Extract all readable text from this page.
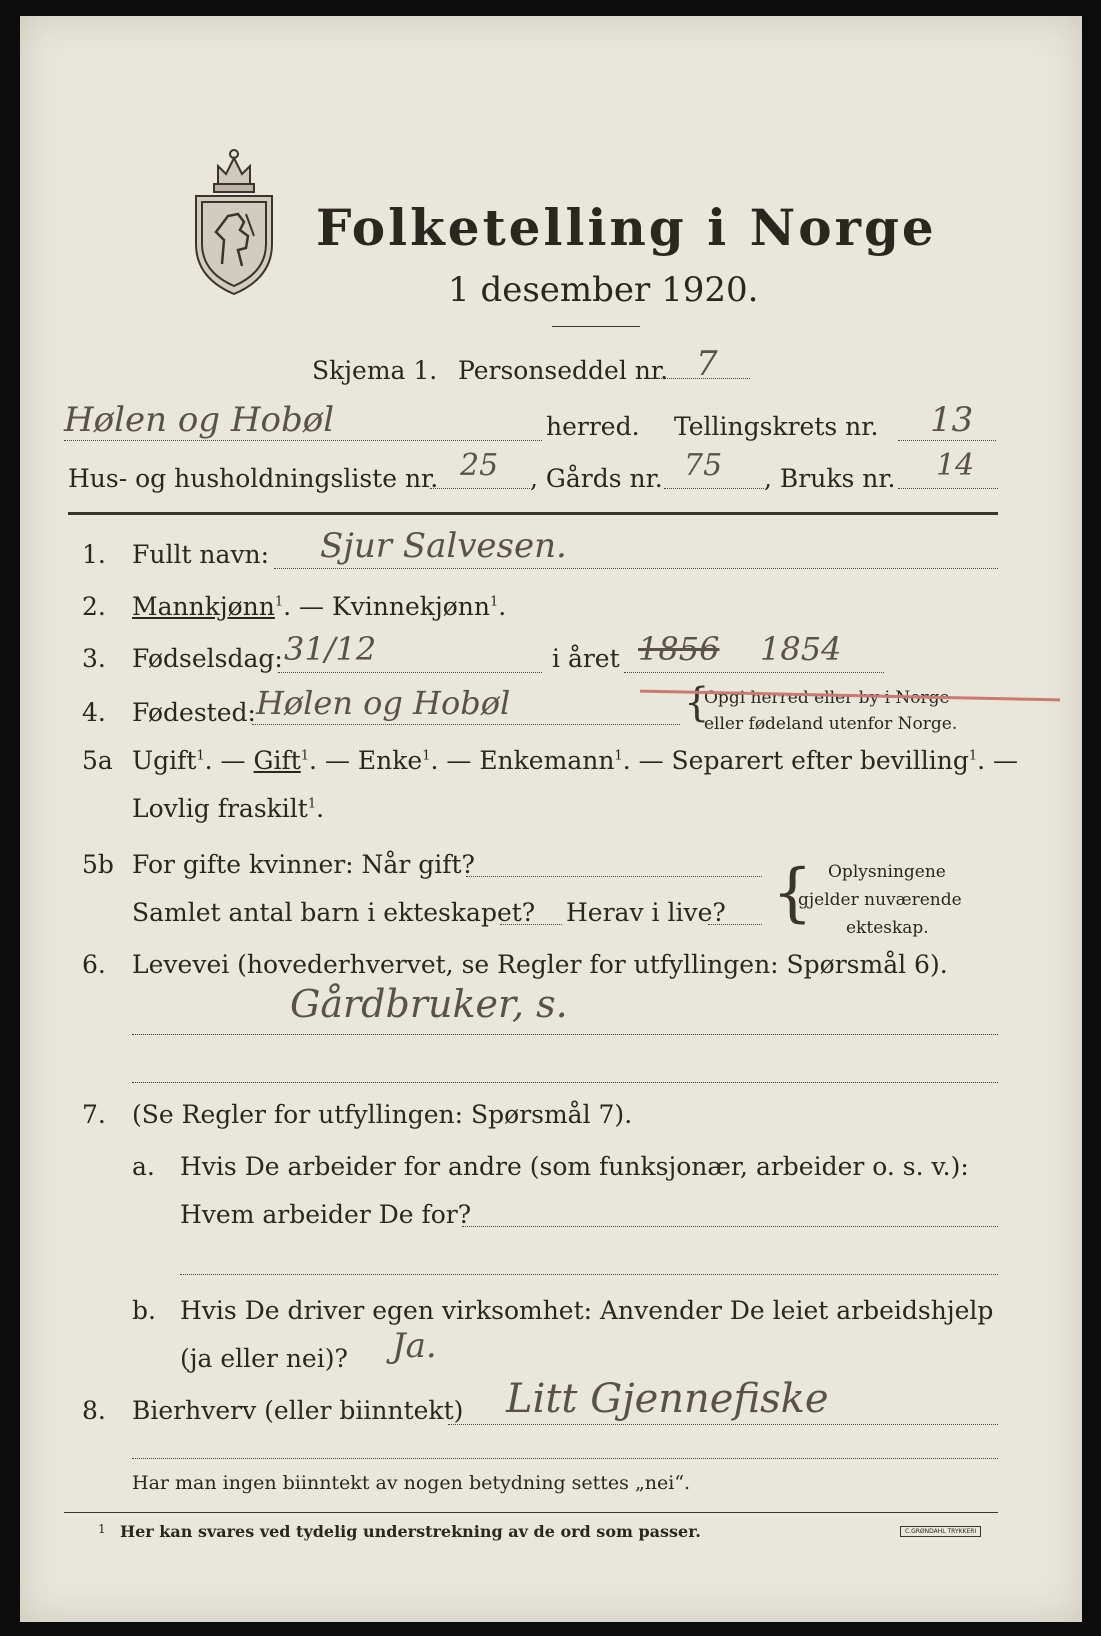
Folketelling i Norge
1 desember 1920.
Skjema 1. Personseddel nr. 7
Hølen og Hobøl	herred. Tellingskrets nr. 13
Hus- og husholdningsliste nr. 25 , Gårds nr. 75 , Bruks nr. 14
1. Fullt navn: Sjur Salvesen.
2. Mannkjønn$^1$. — Kvinnekjønn$^1$.
3. Fødselsdag: 31/12	i året 1856 1854
4. Fødested: Hølen og Hobøl	{
Opgi herred eller by i Norge
eller fødeland utenfor Norge.
5a Ugift$^1$. — Gift$^1$. — Enke$^1$. — Enkemann$^1$. — Separert efter bevilling$^1$. —
Lovlig fraskilt$^1$.
5b For gifte kvinner: Når gift?
Samlet antal barn i ekteskapet? Herav i live? { Oplysningene
gjelder nuværende
ekteskap.
6. Levevei (hovederhvervet, se Regler for utfyllingen: Spørsmål 6).
Gårdbruker, s.
7. (Se Regler for utfyllingen: Spørsmål 7).
a. Hvis De arbeider for andre (som funksjonær, arbeider o. s. v.):
Hvem arbeider De for?
b. Hvis De driver egen virksomhet: Anvender De leiet arbeidshjelp
(ja eller nei)? Ja.
8. Bierhverv (eller biinntekt) Litt Gjennefiske
Har man ingen biinntekt av nogen betydning settes „nei“.
1 Her kan svares ved tydelig understrekning av de ord som passer.	C.GRØNDAHL TRYKKERI
